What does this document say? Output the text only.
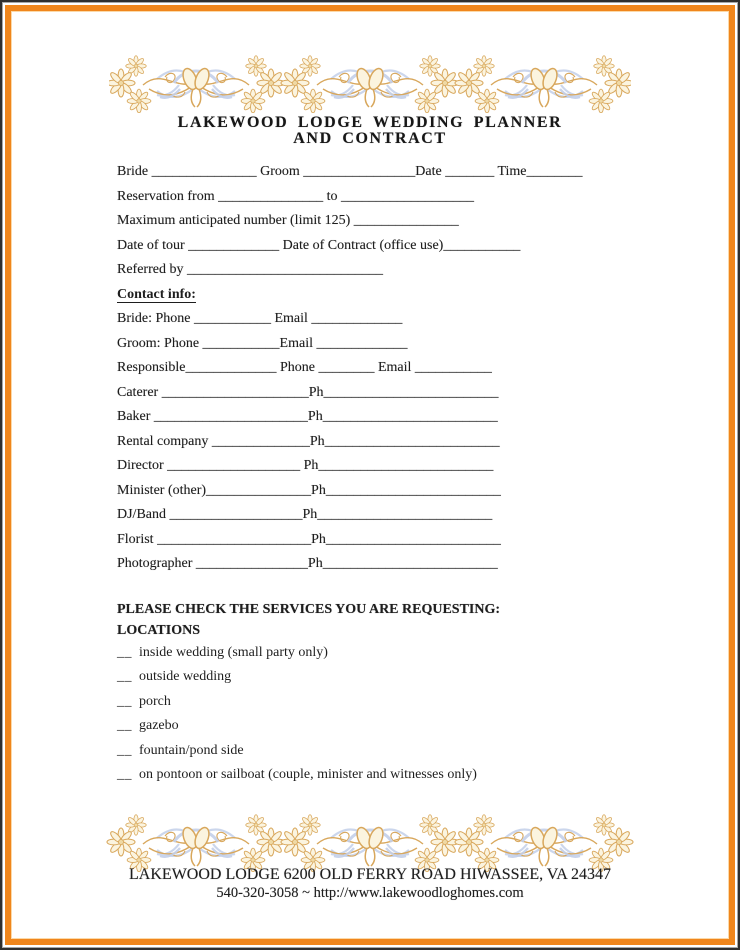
LAKEWOOD LODGE WEDDING PLANNER
AND CONTRACT
Bride _______________ Groom ________________Date _______ Time________
Reservation from _______________ to ___________________
Maximum anticipated number (limit 125) _______________
Date of tour _____________ Date of Contract (office use)___________
Referred by ____________________________
Contact info:
Bride: Phone ___________ Email _____________
Groom: Phone ___________Email _____________
Responsible_____________ Phone ________ Email ___________
Caterer _____________________Ph_________________________
Baker ______________________Ph_________________________
Rental company ______________Ph_________________________
Director ___________________ Ph_________________________
Minister (other)_______________Ph_________________________
DJ/Band ___________________Ph_________________________
Florist ______________________Ph_________________________
Photographer ________________Ph_________________________
PLEASE CHECK THE SERVICES YOU ARE REQUESTING:
LOCATIONS
__ inside wedding (small party only)
__ outside wedding
__ porch
__ gazebo
__ fountain/pond side
__ on pontoon or sailboat (couple, minister and witnesses only)
LAKEWOOD LODGE 6200 OLD FERRY ROAD HIWASSEE, VA 24347
540-320-3058 ~ http://www.lakewoodloghomes.com
